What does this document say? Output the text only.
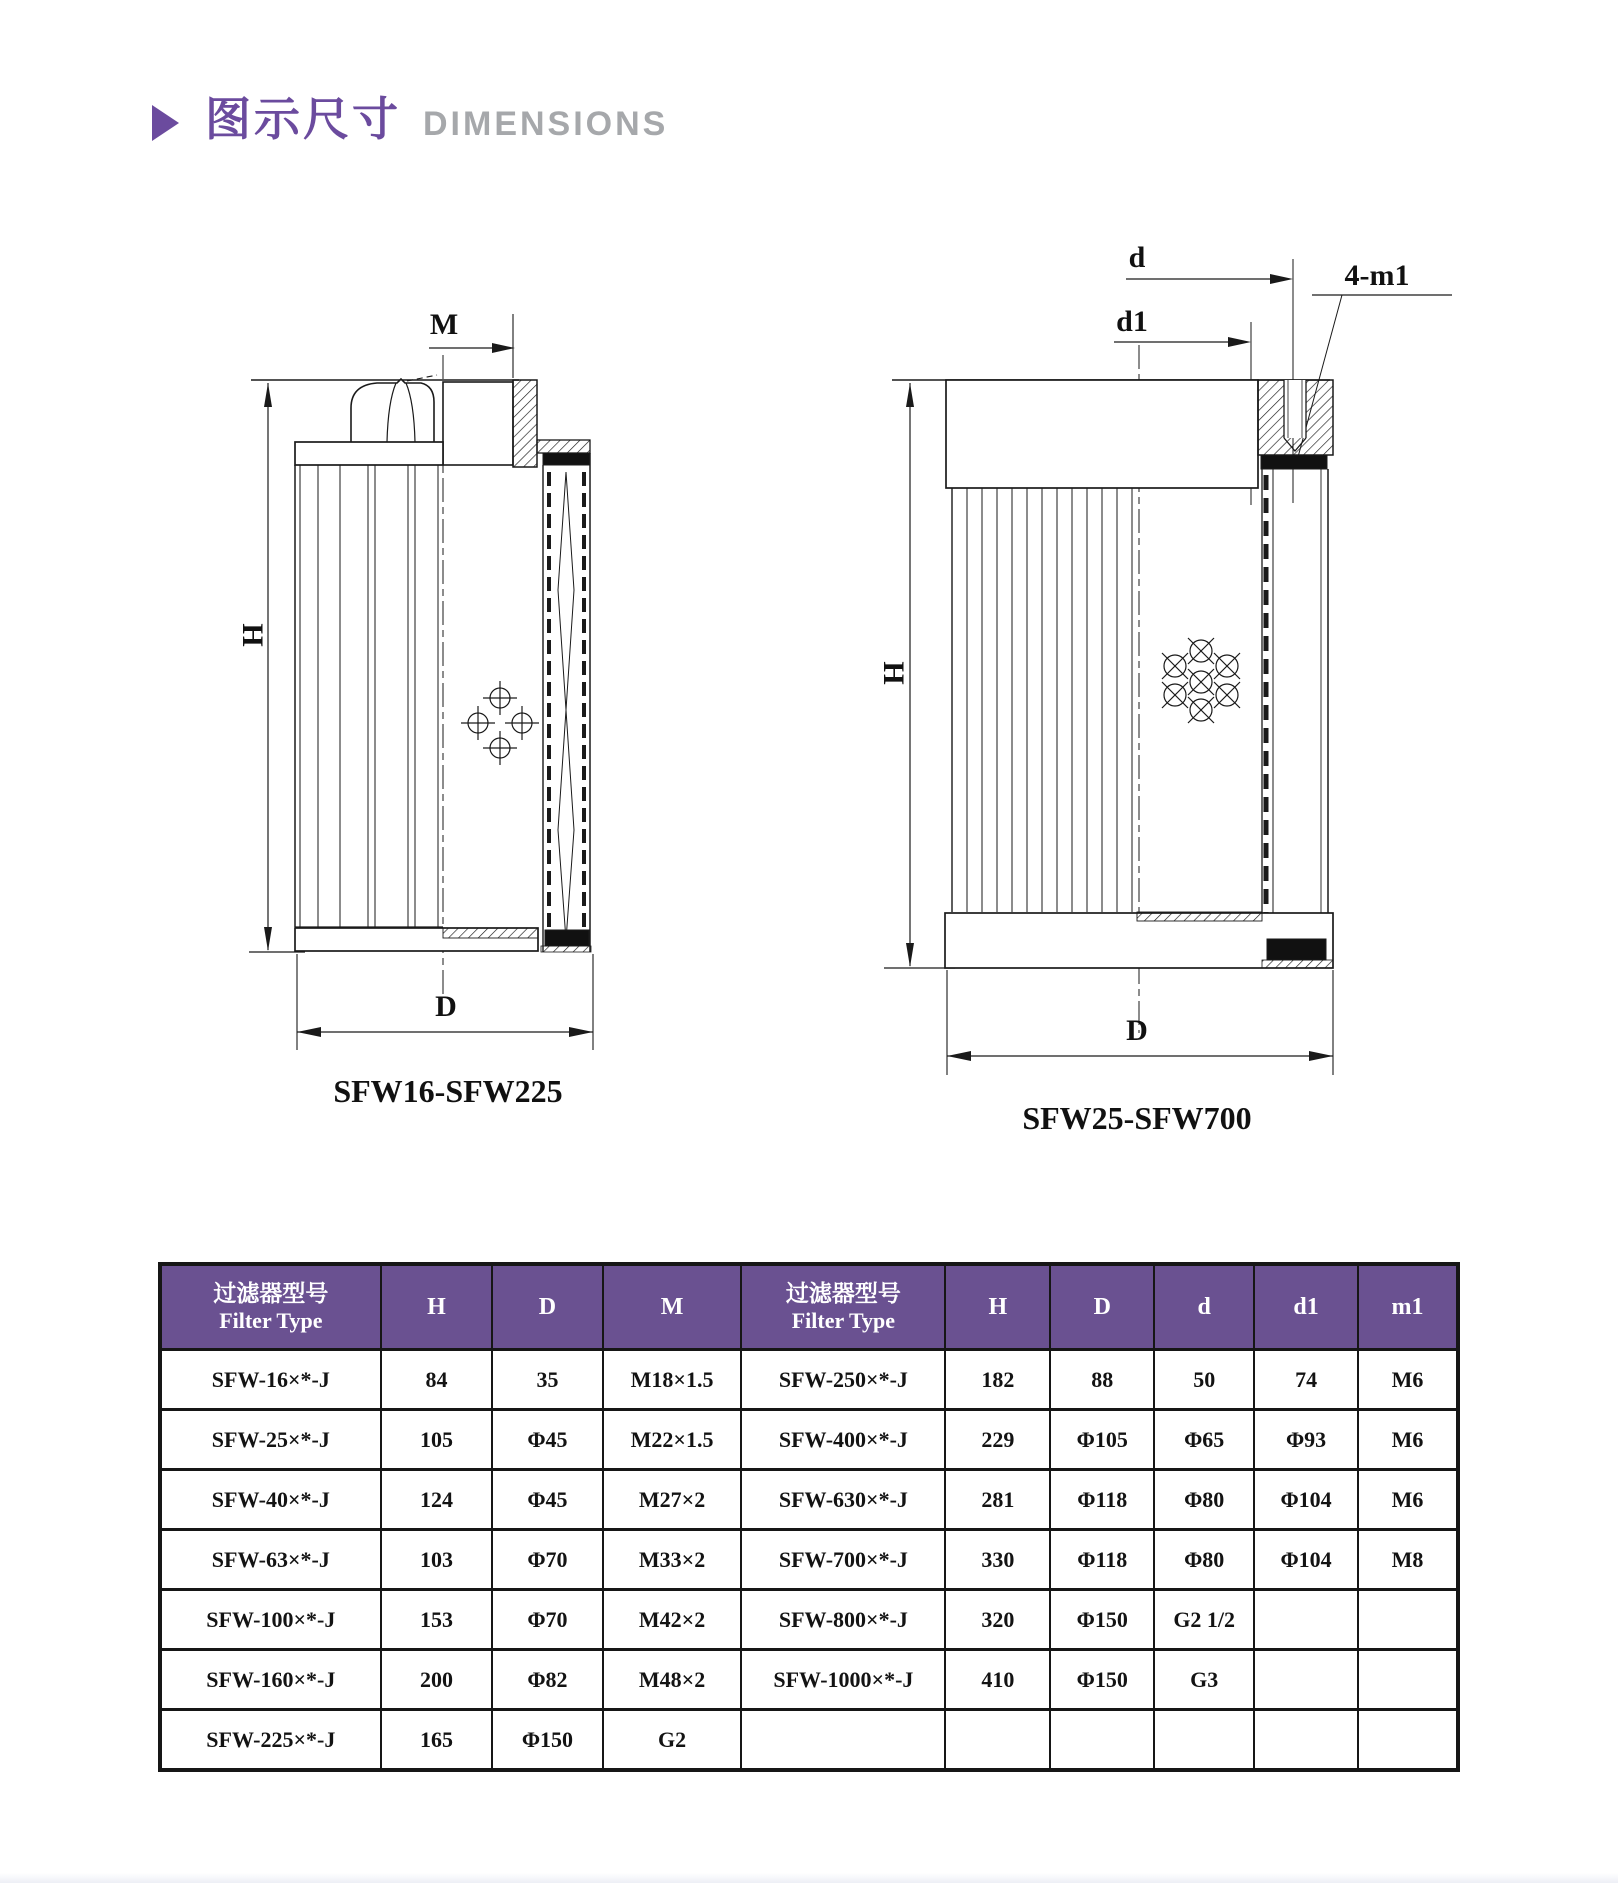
图示尺寸 DIMENSIONS
M
H
D
SFW16-SFW225
d
d1
4-m1
H
D
SFW25-SFW700
过滤器型号
Filter Type	H	D	M	过滤器型号
Filter Type	H	D	d	d1	m1
SFW-16×*-J	84	35	M18×1.5	SFW-250×*-J	182	88	50	74	M6
SFW-25×*-J	105	Φ45	M22×1.5	SFW-400×*-J	229	Φ105	Φ65	Φ93	M6
SFW-40×*-J	124	Φ45	M27×2	SFW-630×*-J	281	Φ118	Φ80	Φ104	M6
SFW-63×*-J	103	Φ70	M33×2	SFW-700×*-J	330	Φ118	Φ80	Φ104	M8
SFW-100×*-J	153	Φ70	M42×2	SFW-800×*-J	320	Φ150	G2 1/2		
SFW-160×*-J	200	Φ82	M48×2	SFW-1000×*-J	410	Φ150	G3		
SFW-225×*-J	165	Φ150	G2						
